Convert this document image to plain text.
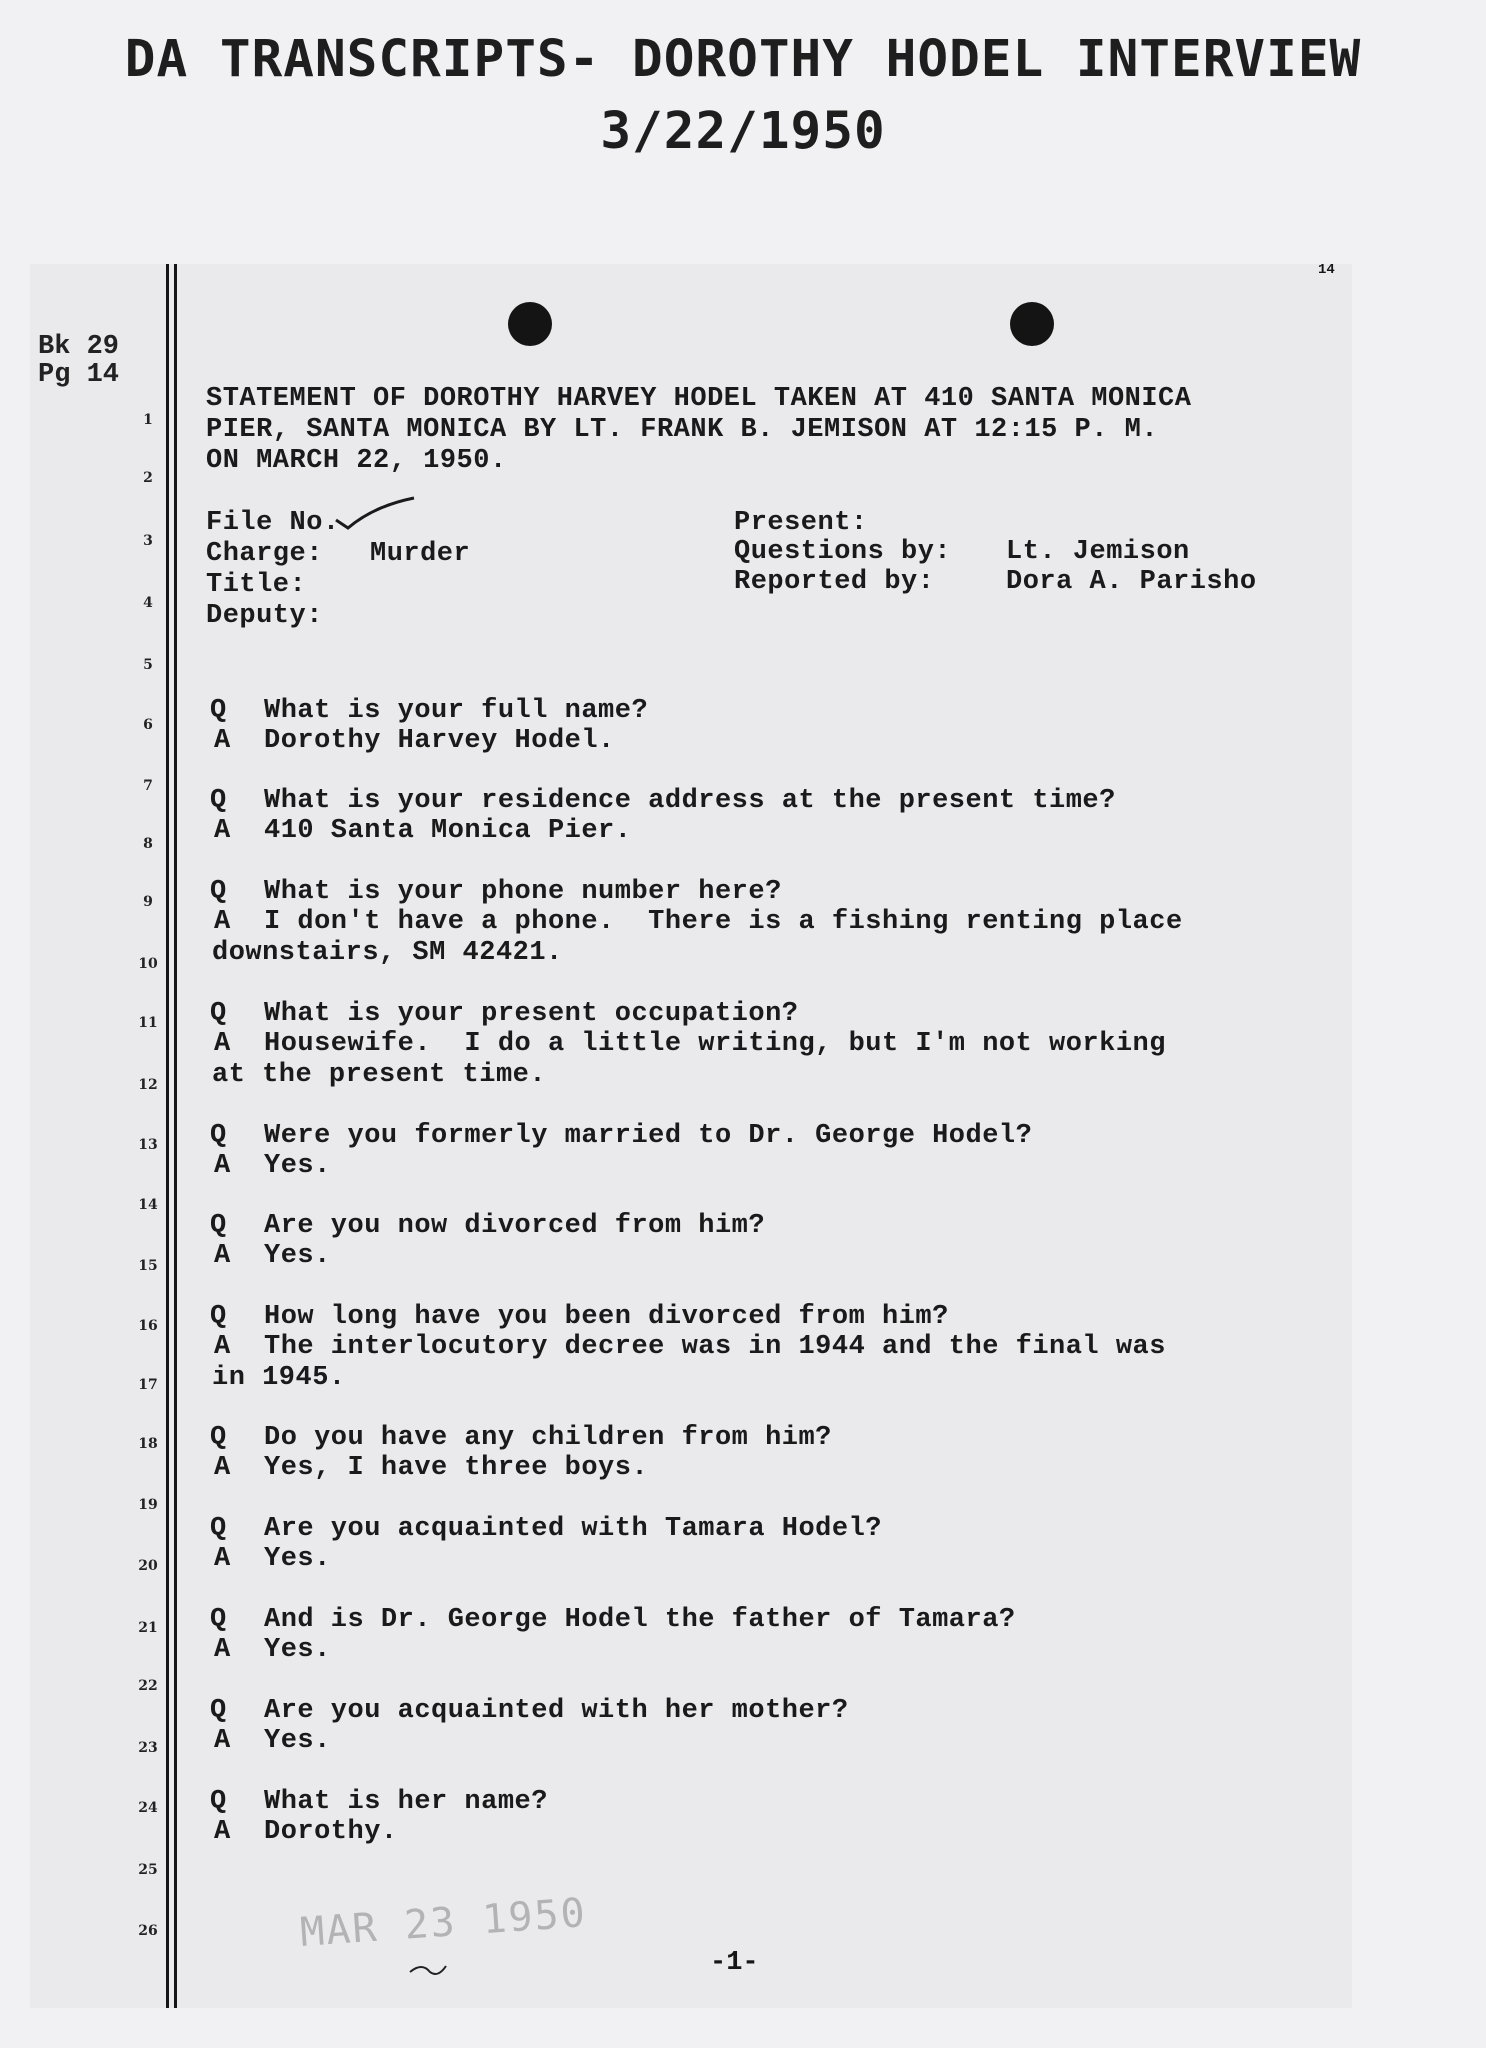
DA TRANSCRIPTS- DOROTHY HODEL INTERVIEW
3/22/1950
Bk 29
Pg 14
14
1
2
3
4
5
6
7
8
9
10
11
12
13
14
15
16
17
18
19
20
21
22
23
24
25
26
STATEMENT OF DOROTHY HARVEY HODEL TAKEN AT 410 SANTA MONICA
PIER, SANTA MONICA BY LT. FRANK B. JEMISON AT 12:15 P. M.
ON MARCH 22, 1950.
File No.
Charge: Murder
Title:
Deputy:
Present:
Questions by: Lt. Jemison
Reported by:	Dora A. Parisho
Q What is your full name?
A Dorothy Harvey Hodel.
Q What is your residence address at the present time?
A 410 Santa Monica Pier.
Q What is your phone number here?
A I don't have a phone.  There is a fishing renting place
downstairs, SM 42421.
Q What is your present occupation?
A Housewife.  I do a little writing, but I'm not working
at the present time.
Q Were you formerly married to Dr. George Hodel?
A Yes.
Q Are you now divorced from him?
A Yes.
Q How long have you been divorced from him?
A The interlocutory decree was in 1944 and the final was
in 1945.
Q Do you have any children from him?
A Yes, I have three boys.
Q Are you acquainted with Tamara Hodel?
A Yes.
Q And is Dr. George Hodel the father of Tamara?
A Yes.
Q Are you acquainted with her mother?
A Yes.
Q What is her name?
A Dorothy.
MAR 23 1950
-1-
